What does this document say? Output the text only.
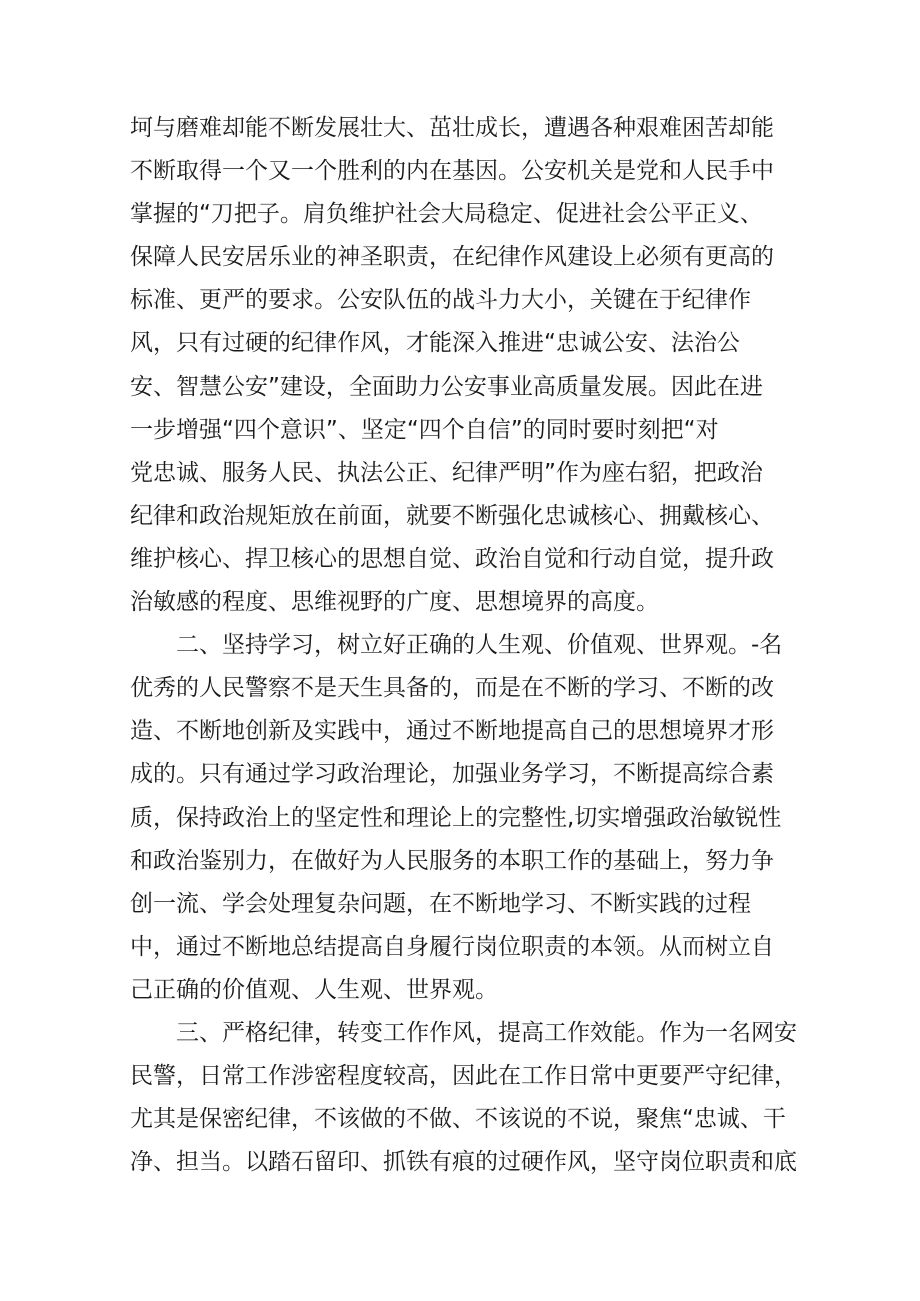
坷与磨难却能不断发展壮大、茁壮成长，遭遇各种艰难困苦却能
不断取得一个又一个胜利的内在基因。公安机关是党和人民手中
掌握的“刀把子。肩负维护社会大局稳定、促进社会公平正义、
保障人民安居乐业的神圣职责，在纪律作风建设上必须有更高的
标准、更严的要求。公安队伍的战斗力大小，关键在于纪律作
风，只有过硬的纪律作风，才能深入推进“忠诚公安、法治公
安、智慧公安”建设，全面助力公安事业高质量发展。因此在进
一步增强“四个意识”、坚定“四个自信”的同时要时刻把“对
党忠诚、服务人民、执法公正、纪律严明”作为座右貂，把政治
纪律和政治规矩放在前面，就要不断强化忠诚核心、拥戴核心、
维护核心、捍卫核心的思想自觉、政治自觉和行动自觉，提升政
治敏感的程度、思维视野的广度、思想境界的高度。
　　二、坚持学习，树立好正确的人生观、价值观、世界观。-名
优秀的人民警察不是天生具备的，而是在不断的学习、不断的改
造、不断地创新及实践中，通过不断地提高自己的思想境界才形
成的。只有通过学习政治理论，加强业务学习，不断提高综合素
质，保持政治上的坚定性和理论上的完整性,切实增强政治敏锐性
和政治鉴别力，在做好为人民服务的本职工作的基础上，努力争
创一流、学会处理复杂问题，在不断地学习、不断实践的过程
中，通过不断地总结提高自身履行岗位职责的本领。从而树立自
己正确的价值观、人生观、世界观。
　　三、严格纪律，转变工作作风，提高工作效能。作为一名网安
民警，日常工作涉密程度较高，因此在工作日常中更要严守纪律，
尤其是保密纪律，不该做的不做、不该说的不说，聚焦“忠诚、干
净、担当。以踏石留印、抓铁有痕的过硬作风，坚守岗位职责和底
